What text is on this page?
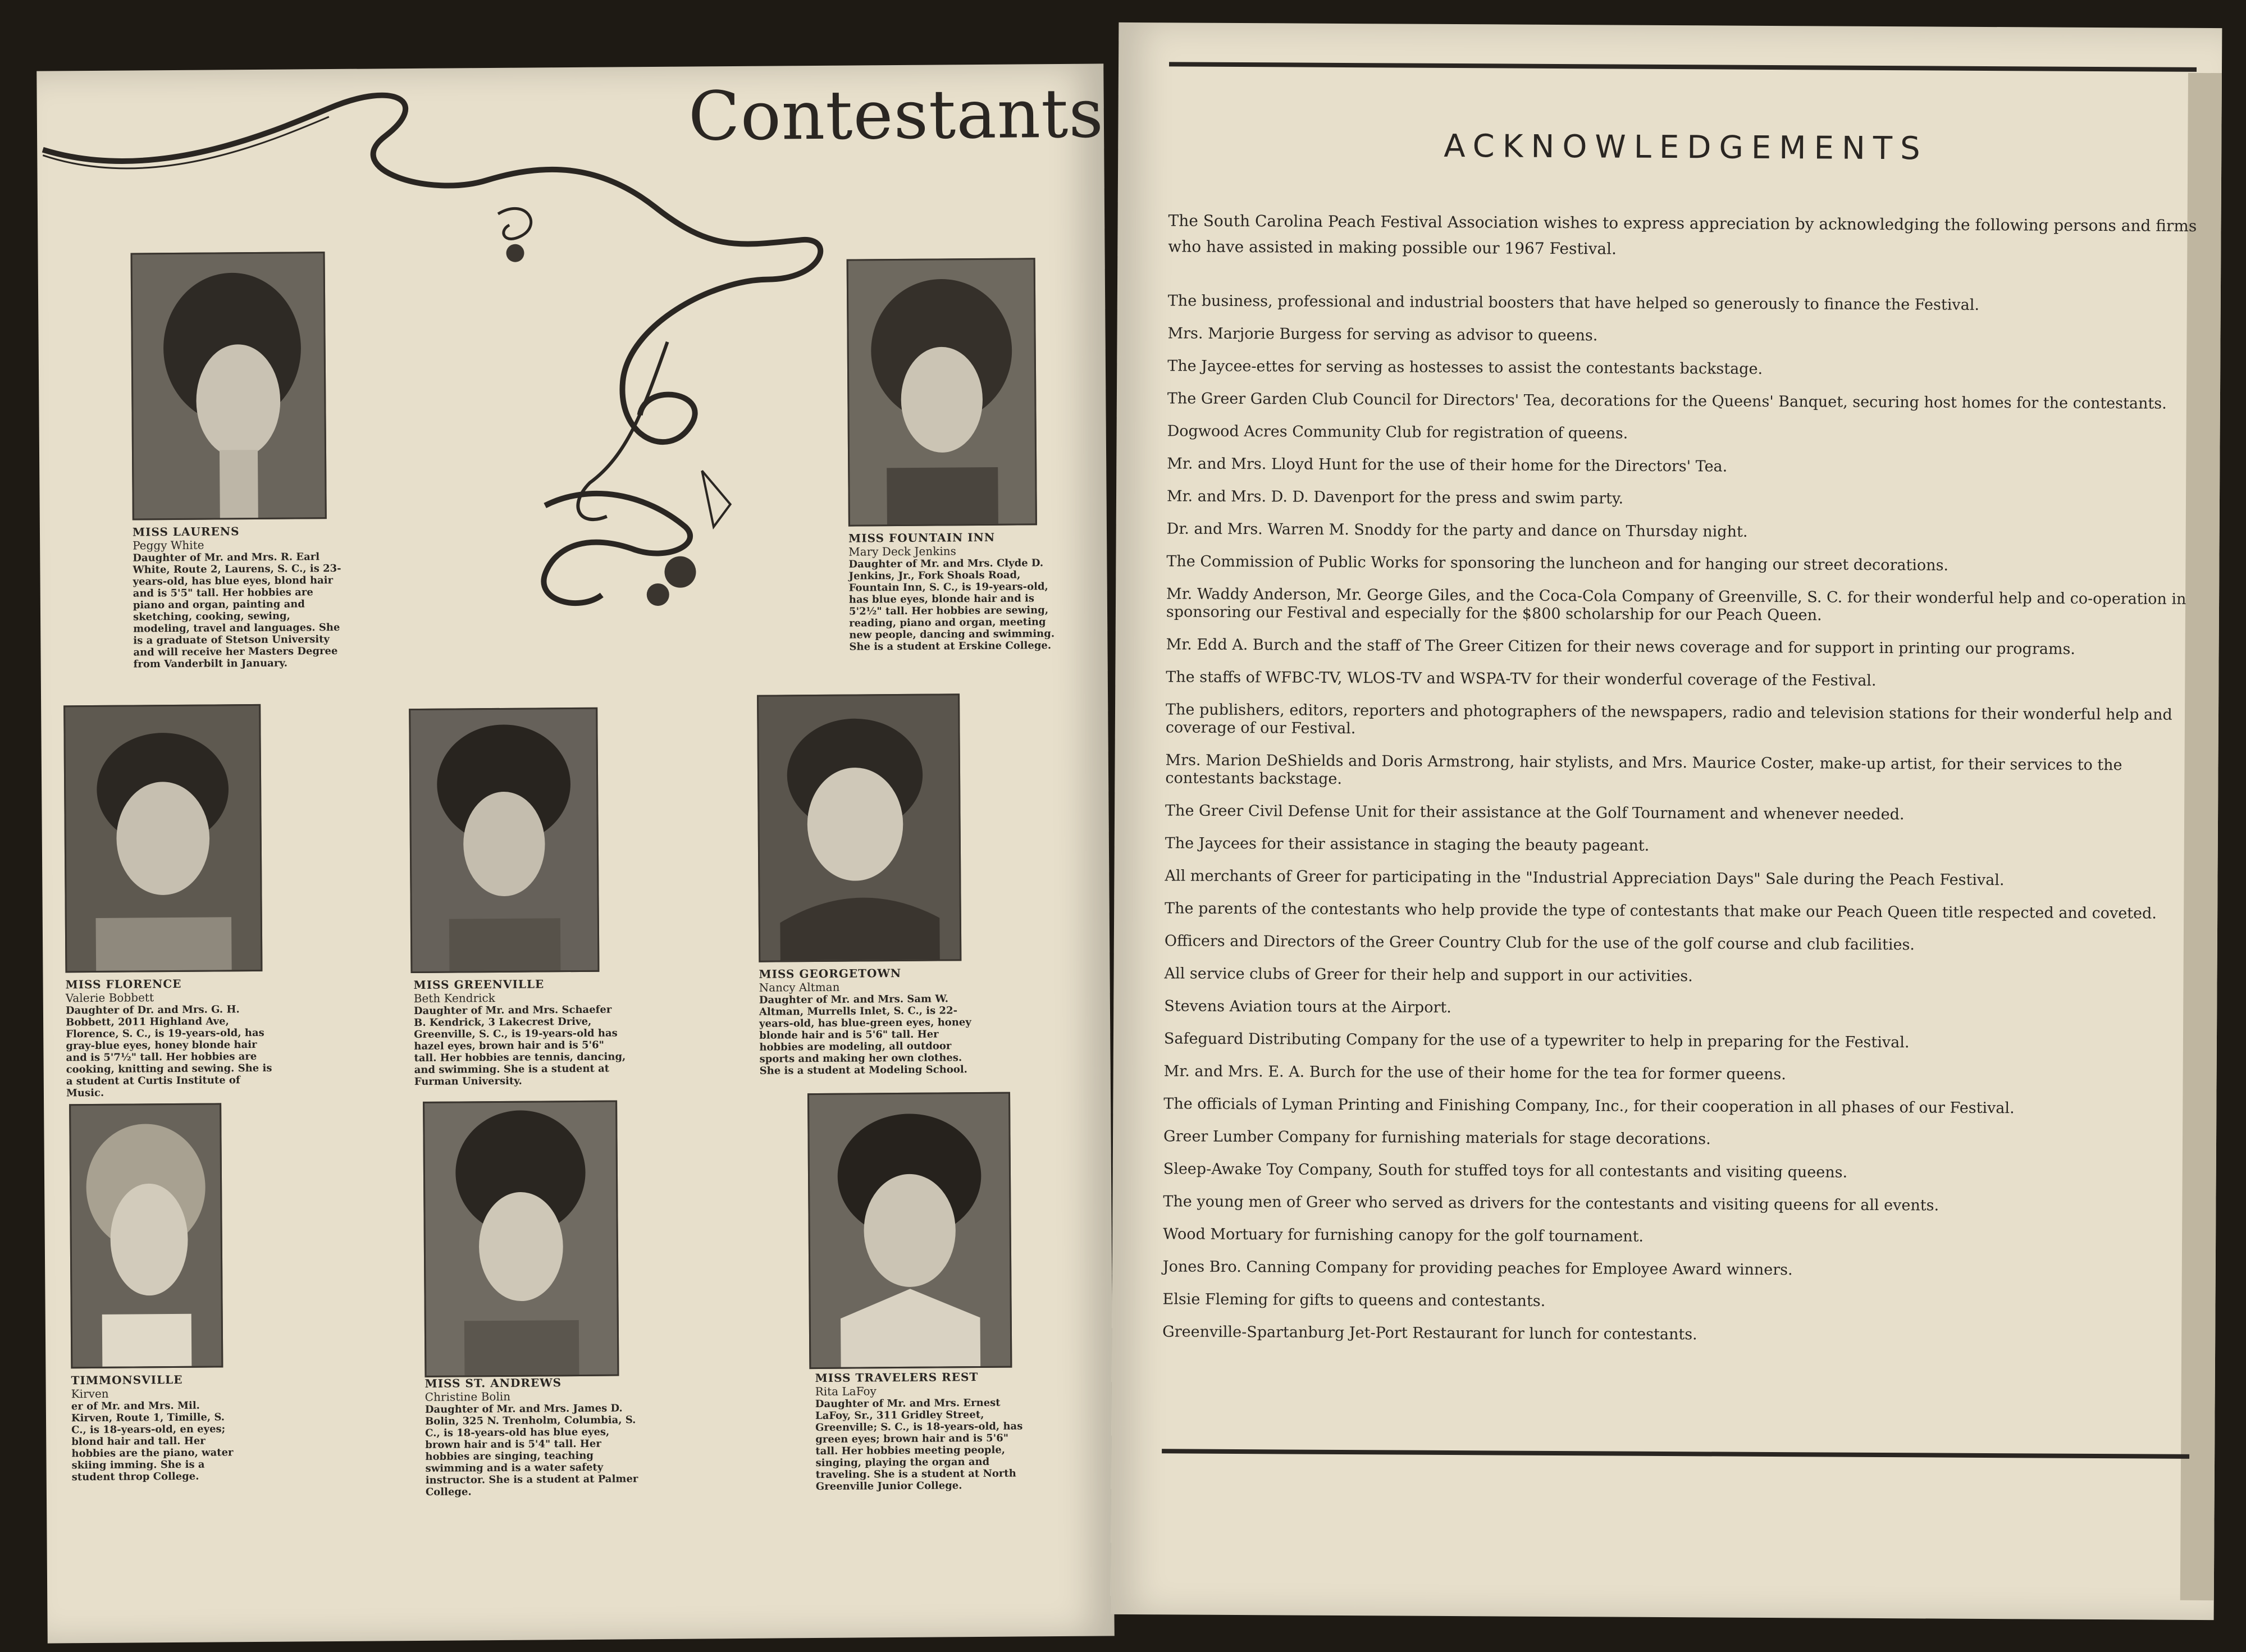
Contestants
MISS LAURENS
Peggy White
Daughter of Mr. and Mrs. R. Earl White, Route 2, Laurens, S. C., is 23-years-old, has blue eyes, blond hair and is 5'5" tall. Her hobbies are piano and organ, painting and sketching, cooking, sewing, modeling, travel and languages. She is a graduate of Stetson University and will receive her Masters Degree from Vanderbilt in January.
MISS FOUNTAIN INN
Mary Deck Jenkins
Daughter of Mr. and Mrs. Clyde D. Jenkins, Jr., Fork Shoals Road, Fountain Inn, S. C., is 19-years-old, has blue eyes, blonde hair and is 5'2½" tall. Her hobbies are sewing, reading, piano and organ, meeting new people, dancing and swimming. She is a student at Erskine College.
MISS FLORENCE
Valerie Bobbett
Daughter of Dr. and Mrs. G. H. Bobbett, 2011 Highland Ave, Florence, S. C., is 19-years-old, has gray-blue eyes, honey blonde hair and is 5'7½" tall. Her hobbies are cooking, knitting and sewing. She is a student at Curtis Institute of Music.
MISS GREENVILLE
Beth Kendrick
Daughter of Mr. and Mrs. Schaefer B. Kendrick, 3 Lakecrest Drive, Greenville, S. C., is 19-years-old has hazel eyes, brown hair and is 5'6" tall. Her hobbies are tennis, dancing, and swimming. She is a student at Furman University.
MISS GEORGETOWN
Nancy Altman
Daughter of Mr. and Mrs. Sam W. Altman, Murrells Inlet, S. C., is 22-years-old, has blue-green eyes, honey blonde hair and is 5'6" tall. Her hobbies are modeling, all outdoor sports and making her own clothes. She is a student at Modeling School.
TIMMONSVILLE
Kirven
er of Mr. and Mrs. Mil. Kirven, Route 1, Timille, S. C., is 18-years-old, en eyes; blond hair and tall. Her hobbies are the piano, water skiing imming. She is a student throp College.
MISS ST. ANDREWS
Christine Bolin
Daughter of Mr. and Mrs. James D. Bolin, 325 N. Trenholm, Columbia, S. C., is 18-years-old has blue eyes, brown hair and is 5'4" tall. Her hobbies are singing, teaching swimming and is a water safety instructor. She is a student at Palmer College.
MISS TRAVELERS REST
Rita LaFoy
Daughter of Mr. and Mrs. Ernest LaFoy, Sr., 311 Gridley Street, Greenville; S. C., is 18-years-old, has green eyes; brown hair and is 5'6" tall. Her hobbies meeting people, singing, playing the organ and traveling. She is a student at North Greenville Junior College.
ACKNOWLEDGEMENTS
The South Carolina Peach Festival Association wishes to express appreciation by acknowledging the following persons and firms who have assisted in making possible our 1967 Festival.
The business, professional and industrial boosters that have helped so generously to finance the Festival.
Mrs. Marjorie Burgess for serving as advisor to queens.
The Jaycee-ettes for serving as hostesses to assist the contestants backstage.
The Greer Garden Club Council for Directors' Tea, decorations for the Queens' Banquet, securing host homes for the contestants.
Dogwood Acres Community Club for registration of queens.
Mr. and Mrs. Lloyd Hunt for the use of their home for the Directors' Tea.
Mr. and Mrs. D. D. Davenport for the press and swim party.
Dr. and Mrs. Warren M. Snoddy for the party and dance on Thursday night.
The Commission of Public Works for sponsoring the luncheon and for hanging our street decorations.
Mr. Waddy Anderson, Mr. George Giles, and the Coca-Cola Company of Greenville, S. C. for their wonderful help and co-operation in sponsoring our Festival and especially for the $800 scholarship for our Peach Queen.
Mr. Edd A. Burch and the staff of The Greer Citizen for their news coverage and for support in printing our programs.
The staffs of WFBC-TV, WLOS-TV and WSPA-TV for their wonderful coverage of the Festival.
The publishers, editors, reporters and photographers of the newspapers, radio and television stations for their wonderful help and coverage of our Festival.
Mrs. Marion DeShields and Doris Armstrong, hair stylists, and Mrs. Maurice Coster, make-up artist, for their services to the contestants backstage.
The Greer Civil Defense Unit for their assistance at the Golf Tournament and whenever needed.
The Jaycees for their assistance in staging the beauty pageant.
All merchants of Greer for participating in the "Industrial Appreciation Days" Sale during the Peach Festival.
The parents of the contestants who help provide the type of contestants that make our Peach Queen title respected and coveted.
Officers and Directors of the Greer Country Club for the use of the golf course and club facilities.
All service clubs of Greer for their help and support in our activities.
Stevens Aviation tours at the Airport.
Safeguard Distributing Company for the use of a typewriter to help in preparing for the Festival.
Mr. and Mrs. E. A. Burch for the use of their home for the tea for former queens.
The officials of Lyman Printing and Finishing Company, Inc., for their cooperation in all phases of our Festival.
Greer Lumber Company for furnishing materials for stage decorations.
Sleep-Awake Toy Company, South for stuffed toys for all contestants and visiting queens.
The young men of Greer who served as drivers for the contestants and visiting queens for all events.
Wood Mortuary for furnishing canopy for the golf tournament.
Jones Bro. Canning Company for providing peaches for Employee Award winners.
Elsie Fleming for gifts to queens and contestants.
Greenville-Spartanburg Jet-Port Restaurant for lunch for contestants.
